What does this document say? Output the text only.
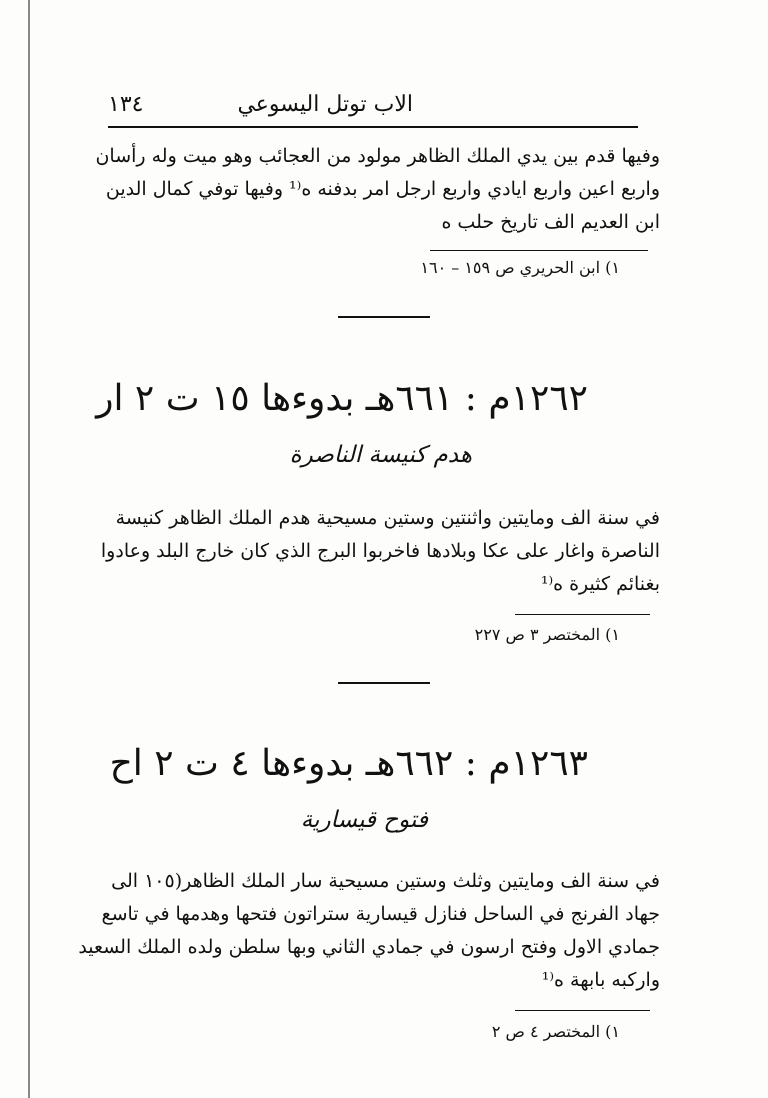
الاب توتل اليسوعي
١٣٤
وفيها قدم بين يدي الملك الظاهر مولود من العجائب وهو ميت وله رأسان
واربع اعين واربع ايادي واربع ارجل امر بدفنه ه⁽¹ وفيها توفي كمال الدين
ابن العديم الف تاريخ حلب ه
١) ابن الحريري ص ١٥٩ – ١٦٠
١٢٦٢م : ٦٦١هـ بدوءها ١٥ ت ٢ ار
هدم كنيسة الناصرة
في سنة الف ومايتين واثنتين وستين مسيحية هدم الملك الظاهر كنيسة
الناصرة واغار على عكا وبلادها فاخربوا البرج الذي كان خارج البلد وعادوا
بغنائم كثيرة ه⁽¹
١) المختصر ٣ ص ٢٢٧
١٢٦٣م : ٦٦٢هـ بدوءها ٤ ت ٢ اح
فتوح قيسارية
في سنة الف ومايتين وثلث وستين مسيحية سار الملك الظاهر(١٠٥ الى
جهاد الفرنج في الساحل فنازل قيسارية ستراتون فتحها وهدمها في تاسع
جمادي الاول وفتح ارسون في جمادي الثاني وبها سلطن ولده الملك السعيد
واركبه بابهة ه⁽¹
١) المختصر ٤ ص ٢
